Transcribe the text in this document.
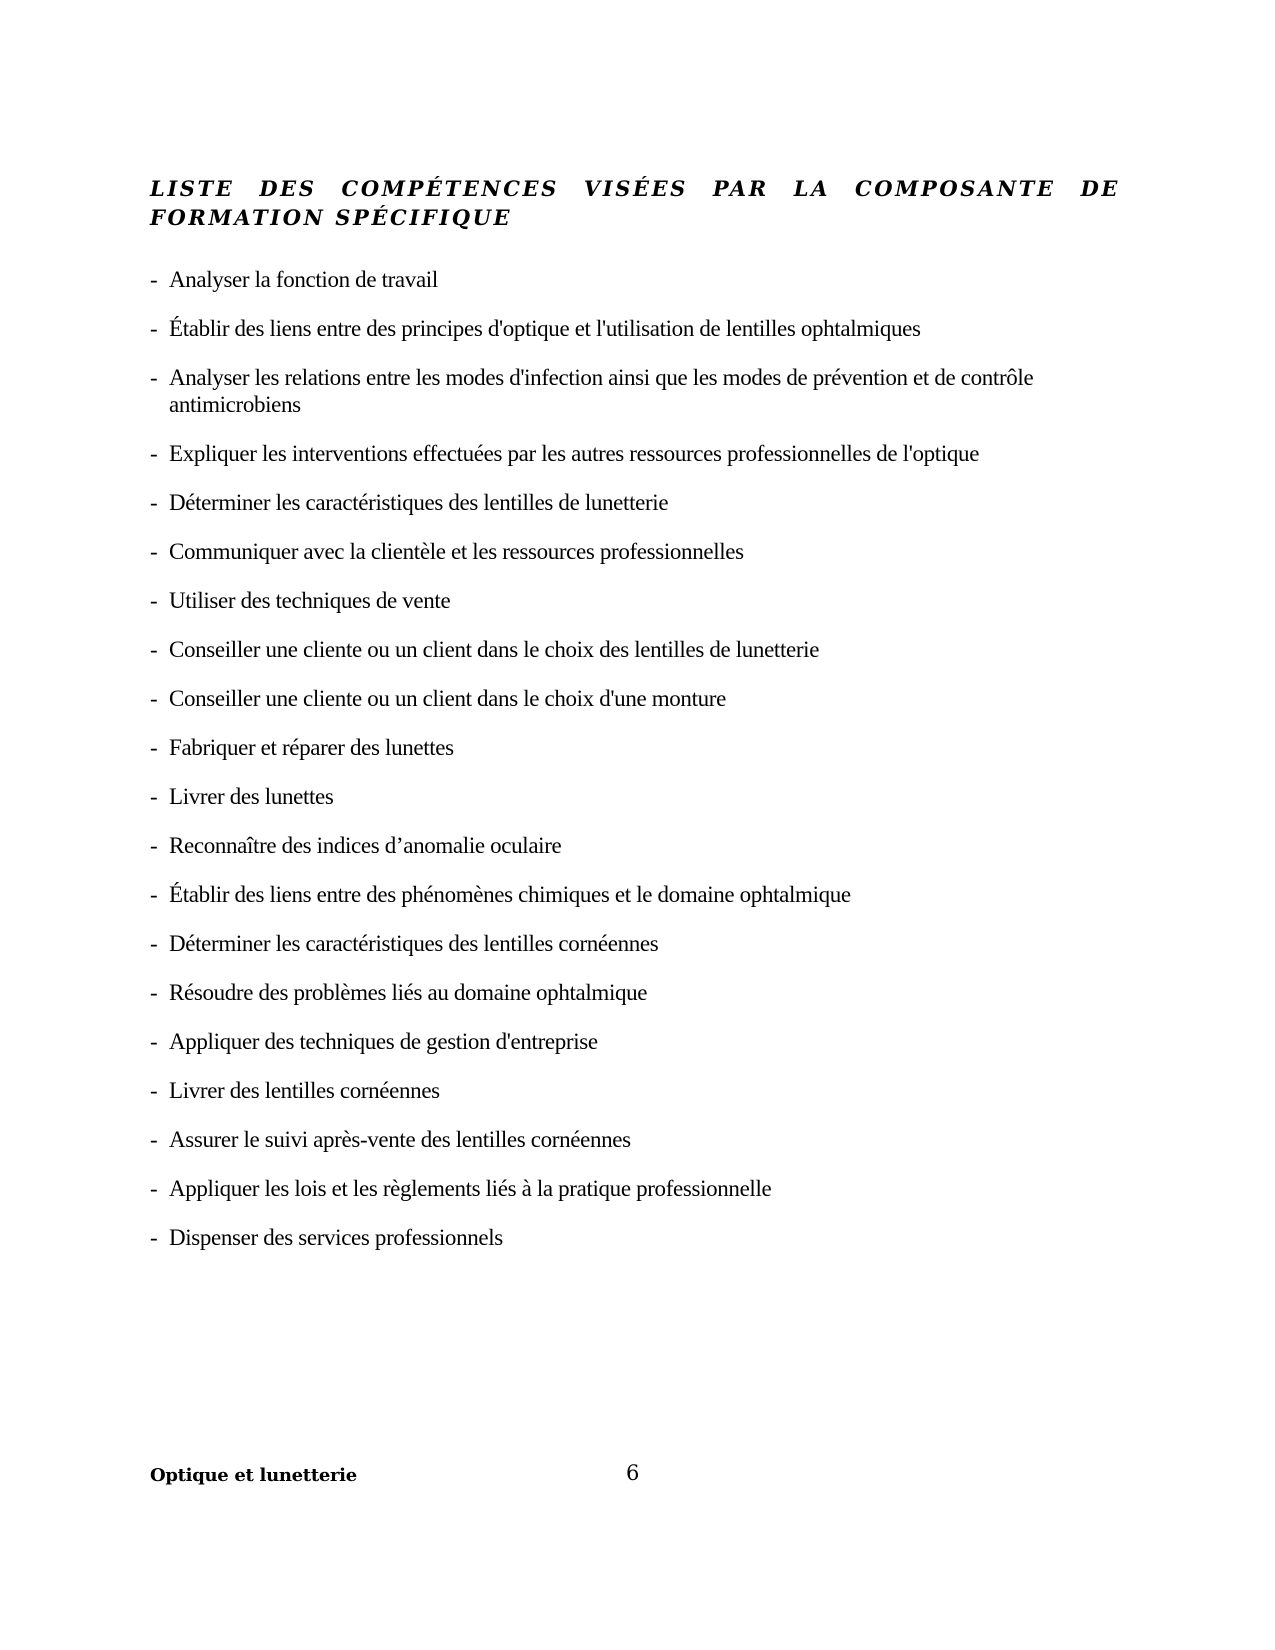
LISTE DES COMPÉTENCES VISÉES PAR LA COMPOSANTE DE FORMATION SPÉCIFIQUE
- Analyser la fonction de travail
- Établir des liens entre des principes d'optique et l'utilisation de lentilles ophtalmiques
- Analyser les relations entre les modes d'infection ainsi que les modes de prévention et de contrôle antimicrobiens
- Expliquer les interventions effectuées par les autres ressources professionnelles de l'optique
- Déterminer les caractéristiques des lentilles de lunetterie
- Communiquer avec la clientèle et les ressources professionnelles
- Utiliser des techniques de vente
- Conseiller une cliente ou un client dans le choix des lentilles de lunetterie
- Conseiller une cliente ou un client dans le choix d'une monture
- Fabriquer et réparer des lunettes
- Livrer des lunettes
- Reconnaître des indices d’anomalie oculaire
- Établir des liens entre des phénomènes chimiques et le domaine ophtalmique
- Déterminer les caractéristiques des lentilles cornéennes
- Résoudre des problèmes liés au domaine ophtalmique
- Appliquer des techniques de gestion d'entreprise
- Livrer des lentilles cornéennes
- Assurer le suivi après-vente des lentilles cornéennes
- Appliquer les lois et les règlements liés à la pratique professionnelle
- Dispenser des services professionnels
Optique et lunetterie	6
